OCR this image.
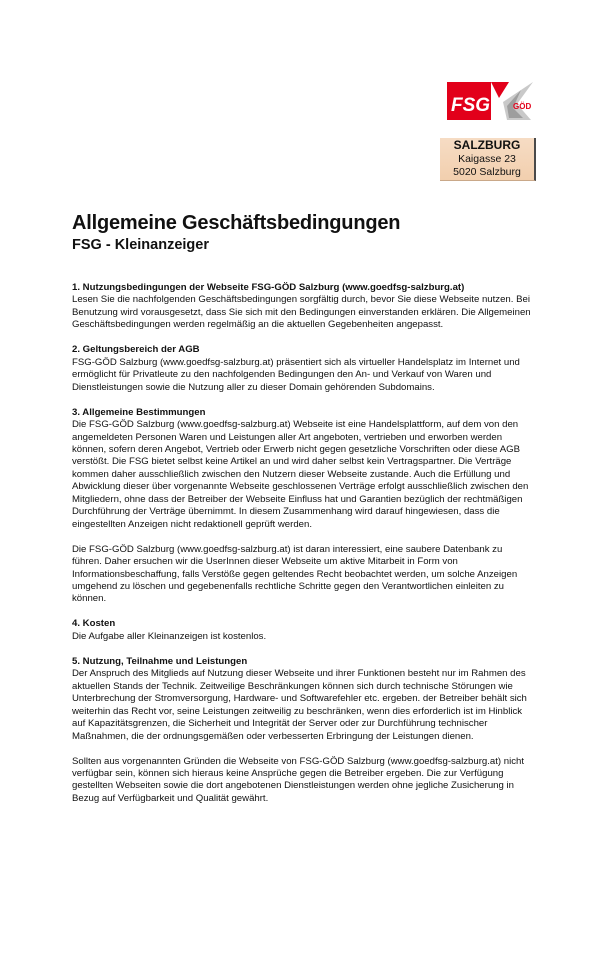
FSG	GÖD
SALZBURG
Kaigasse 23
5020 Salzburg
Allgemeine Geschäftsbedingungen
FSG - Kleinanzeiger
1. Nutzungsbedingungen der Webseite FSG-GÖD Salzburg (www.goedfsg-salzburg.at)

Lesen Sie die nachfolgenden Geschäftsbedingungen sorgfältig durch, bevor Sie diese Webseite nutzen. Bei Benutzung wird vorausgesetzt, dass Sie sich mit den Bedingungen einverstanden erklären. Die Allgemeinen Geschäftsbedingungen werden regelmäßig an die aktuellen Gegebenheiten angepasst.

2. Geltungsbereich der AGB

FSG-GÖD Salzburg (www.goedfsg-salzburg.at) präsentiert sich als virtueller Handelsplatz im Internet und ermöglicht für Privatleute zu den nachfolgenden Bedingungen den An- und Verkauf von Waren und Dienstleistungen sowie die Nutzung aller zu dieser Domain gehörenden Subdomains.

3. Allgemeine Bestimmungen

Die FSG-GÖD Salzburg (www.goedfsg-salzburg.at) Webseite ist eine Handelsplattform, auf dem von den angemeldeten Personen Waren und Leistungen aller Art angeboten, vertrieben und erworben werden können, sofern deren Angebot, Vertrieb oder Erwerb nicht gegen gesetzliche Vorschriften oder diese AGB verstößt. Die FSG bietet selbst keine Artikel an und wird daher selbst kein Vertragspartner. Die Verträge kommen daher ausschließlich zwischen den Nutzern dieser Webseite zustande. Auch die Erfüllung und Abwicklung dieser über vorgenannte Webseite geschlossenen Verträge erfolgt ausschließlich zwischen den Mitgliedern, ohne dass der Betreiber der Webseite Einfluss hat und Garantien bezüglich der rechtmäßigen Durchführung der Verträge übernimmt. In diesem Zusammenhang wird darauf hingewiesen, dass die eingestellten Anzeigen nicht redaktionell geprüft werden.

Die FSG-GÖD Salzburg (www.goedfsg-salzburg.at) ist daran interessiert, eine saubere Datenbank zu führen. Daher ersuchen wir die UserInnen dieser Webseite um aktive Mitarbeit in Form von Informationsbeschaffung, falls Verstöße gegen geltendes Recht beobachtet werden, um solche Anzeigen umgehend zu löschen und gegebenenfalls rechtliche Schritte gegen den Verantwortlichen einleiten zu können.

4. Kosten

Die Aufgabe aller Kleinanzeigen ist kostenlos.

5. Nutzung, Teilnahme und Leistungen

Der Anspruch des Mitglieds auf Nutzung dieser Webseite und ihrer Funktionen besteht nur im Rahmen des aktuellen Stands der Technik. Zeitweilige Beschränkungen können sich durch technische Störungen wie Unterbrechung der Stromversorgung, Hardware- und Softwarefehler etc. ergeben. der Betreiber behält sich weiterhin das Recht vor, seine Leistungen zeitweilig zu beschränken, wenn dies erforderlich ist im Hinblick auf Kapazitätsgrenzen, die Sicherheit und Integrität der Server oder zur Durchführung technischer Maßnahmen, die der ordnungsgemäßen oder verbesserten Erbringung der Leistungen dienen.

Sollten aus vorgenannten Gründen die Webseite von FSG-GÖD Salzburg (www.goedfsg-salzburg.at) nicht verfügbar sein, können sich hieraus keine Ansprüche gegen die Betreiber ergeben. Die zur Verfügung gestellten Webseiten sowie die dort angebotenen Dienstleistungen werden ohne jegliche Zusicherung in Bezug auf Verfügbarkeit und Qualität gewährt.
